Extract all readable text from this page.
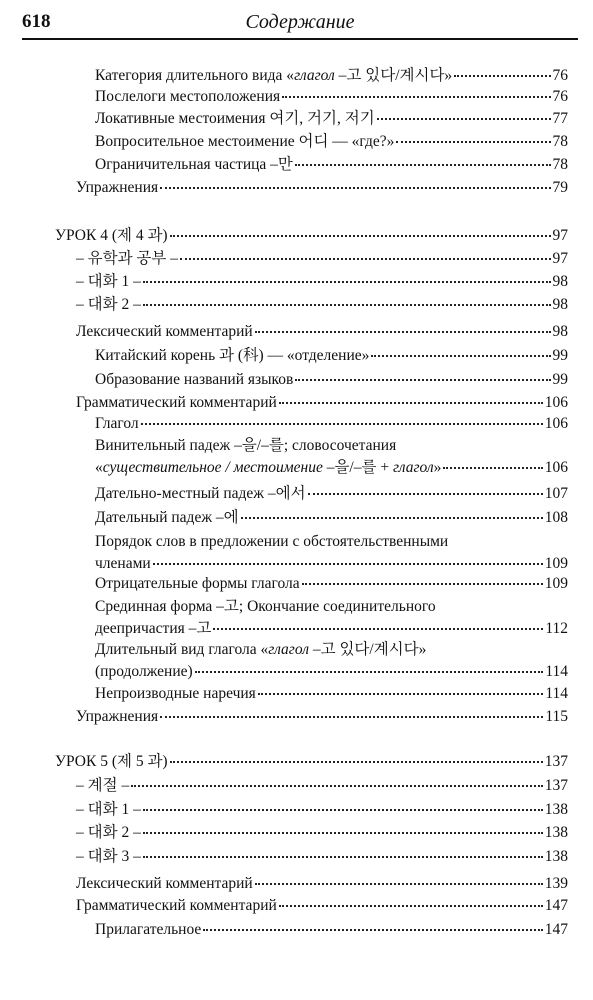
618	Содержание
Категория длительного вида «глагол –고 있다/계시다»	76
Послелоги местоположения	76
Локативные местоимения 여기, 거기, 저기	77
Вопросительное местоимение 어디 — «где?»	78
Ограничительная частица –만	78
Упражнения	79
УРОК 4 (제 4 과)	97
– 유학과 공부 –	97
– 대화 1 –	98
– 대화 2 –	98
Лексический комментарий	98
Китайский корень 과 (科) — «отделение»	99
Образование названий языков	99
Грамматический комментарий	106
Глагол	106
Винительный падеж –을/–를; словосочетания
«существительное / местоимение –을/–를 + глагол»	106
Дательно-местный падеж –에서	107
Дательный падеж –에	108
Порядок слов в предложении с обстоятельственными
членами	109
Отрицательные формы глагола	109
Срединная форма –고; Окончание соединительного
деепричастия –고	112
Длительный вид глагола «глагол –고 있다/계시다»
(продолжение)	114
Непроизводные наречия	114
Упражнения	115
УРОК 5 (제 5 과)	137
– 계절 –	137
– 대화 1 –	138
– 대화 2 –	138
– 대화 3 –	138
Лексический комментарий	139
Грамматический комментарий	147
Прилагательное	147
